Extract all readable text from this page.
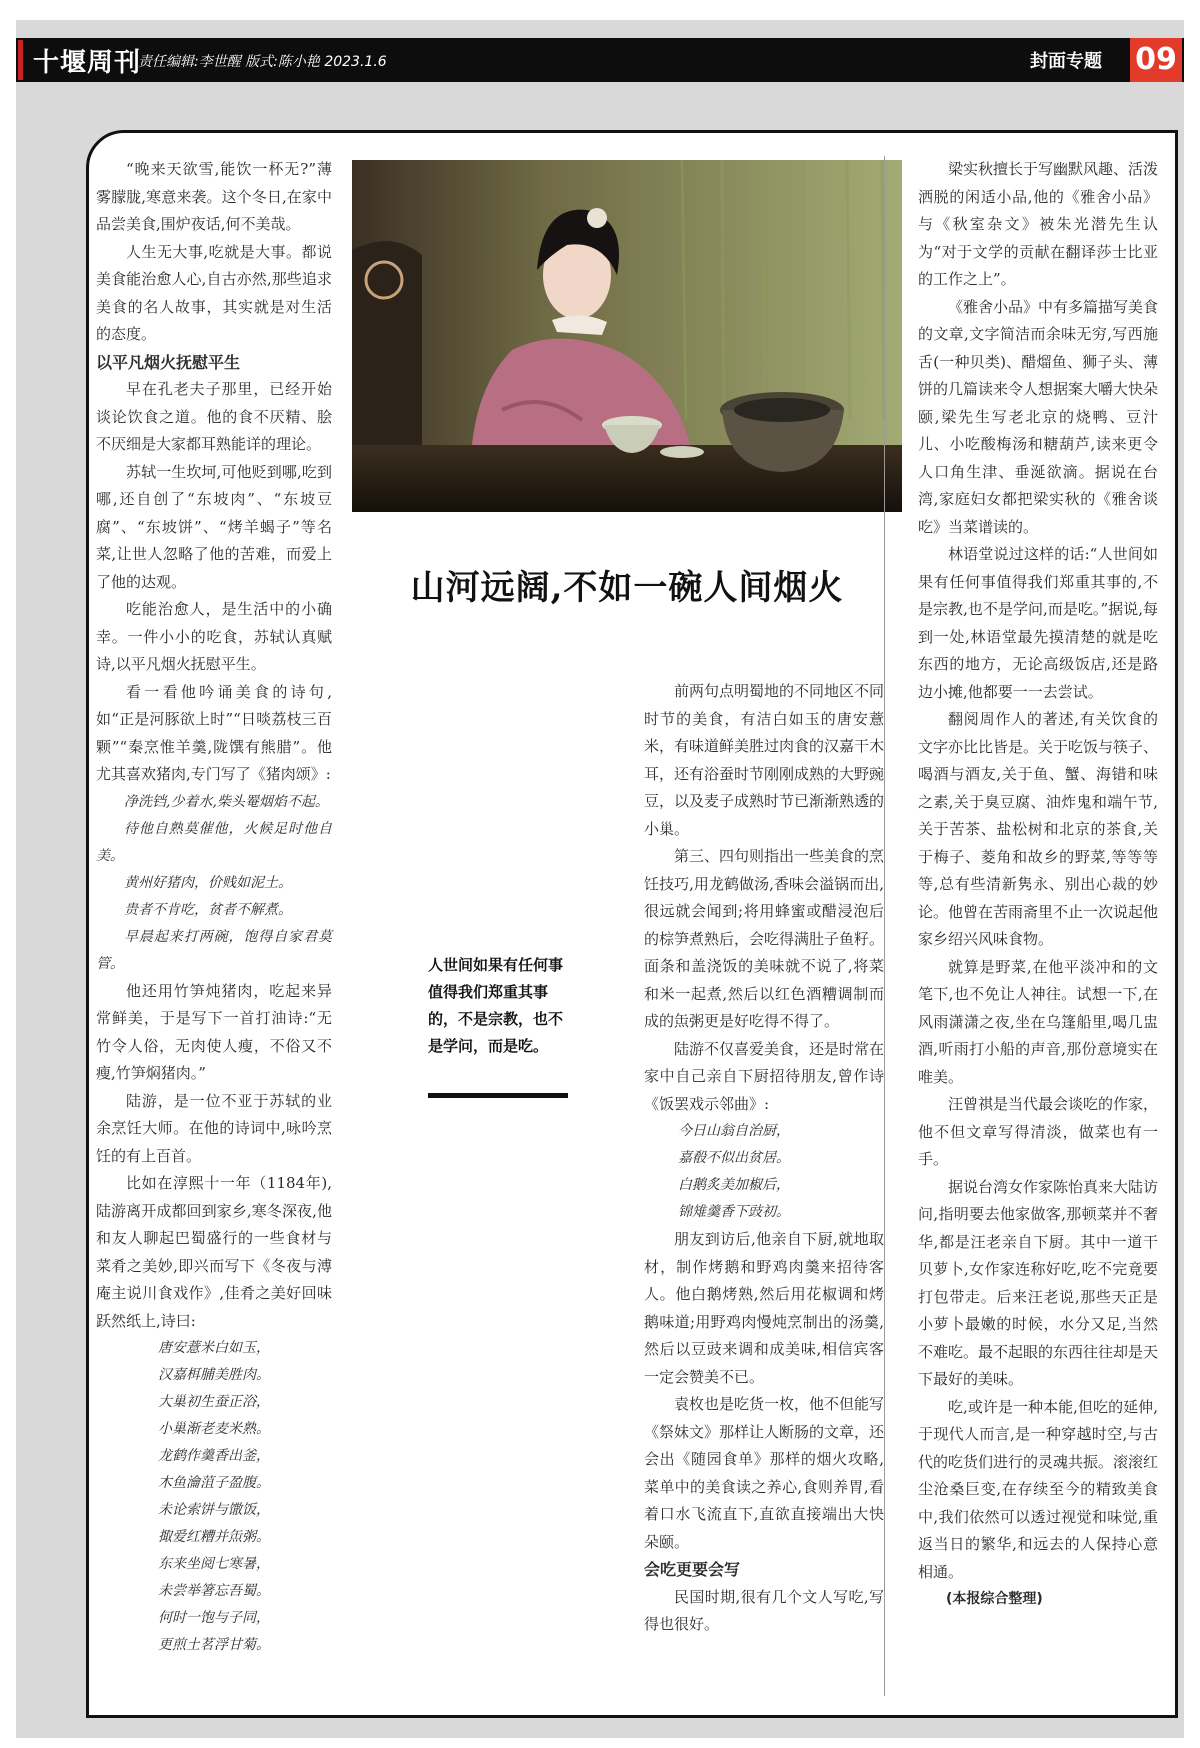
十堰周刊
责任编辑:李世醒 版式:陈小艳 2023.1.6	封面专题 09

“晚来天欲雪,能饮一杯无?”薄雾朦胧,寒意来袭。这个冬日,在家中品尝美食,围炉夜话,何不美哉。

人生无大事,吃就是大事。都说美食能治愈人心,自古亦然,那些追求美食的名人故事，其实就是对生活的态度。

以平凡烟火抚慰平生

早在孔老夫子那里，已经开始谈论饮食之道。他的食不厌精、脍不厌细是大家都耳熟能详的理论。

苏轼一生坎坷,可他贬到哪,吃到哪,还自创了“东坡肉”、“东坡豆腐”、“东坡饼”、“烤羊蝎子”等名菜,让世人忽略了他的苦难，而爱上了他的达观。

吃能治愈人，是生活中的小确幸。一件小小的吃食，苏轼认真赋诗,以平凡烟火抚慰平生。

看一看他吟诵美食的诗句,如“正是河豚欲上时”“日啖荔枝三百颗”“秦烹惟羊羹,陇馔有熊腊”。他尤其喜欢猪肉,专门写了《猪肉颂》:

净洗铛,少着水,柴头罨烟焰不起。

待他自熟莫催他，火候足时他自美。

黄州好猪肉，价贱如泥土。

贵者不肯吃，贫者不解煮。

早晨起来打两碗，饱得自家君莫管。

他还用竹笋炖猪肉，吃起来异常鲜美，于是写下一首打油诗:“无竹令人俗，无肉使人瘦，不俗又不瘦,竹笋焖猪肉。”

陆游，是一位不亚于苏轼的业余烹饪大师。在他的诗词中,咏吟烹饪的有上百首。

比如在淳熙十一年（1184年),陆游离开成都回到家乡,寒冬深夜,他和友人聊起巴蜀盛行的一些食材与菜肴之美妙,即兴而写下《冬夜与溥庵主说川食戏作》,佳肴之美好回味跃然纸上,诗曰:

唐安薏米白如玉，

汉嘉栮脯美胜肉。

大巢初生蚕正浴，

小巢渐老麦米熟。

龙鹤作羹香出釜，

木鱼瀹菹子盈腹。

未论索饼与馓饭，

掫爱红糟并缹粥。

东来坐阅七寒暑，

未尝举箸忘吾蜀。

何时一饱与子同，

更煎土茗浮甘菊。

山河远阔,不如一碗人间烟火
人世间如果有任何事值得我们郑重其事的，不是宗教，也不是学问，而是吃。

前两句点明蜀地的不同地区不同时节的美食，有洁白如玉的唐安薏米，有味道鲜美胜过肉食的汉嘉干木耳，还有浴蚕时节刚刚成熟的大野豌豆，以及麦子成熟时节已渐渐熟透的小巢。

第三、四句则指出一些美食的烹饪技巧,用龙鹤做汤,香味会溢锅而出,很远就会闻到;将用蜂蜜或醋浸泡后的棕笋煮熟后，会吃得满肚子鱼籽。面条和盖浇饭的美味就不说了,将菜和米一起煮,然后以红色酒糟调制而成的缹粥更是好吃得不得了。

陆游不仅喜爱美食，还是时常在家中自己亲自下厨招待朋友,曾作诗《饭罢戏示邻曲》:

今日山翁自治厨，

嘉殽不似出贫居。

白鹅炙美加椒后，

锦雉羹香下豉初。

朋友到访后,他亲自下厨,就地取材，制作烤鹅和野鸡肉羹来招待客人。他白鹅烤熟,然后用花椒调和烤鹅味道;用野鸡肉慢炖烹制出的汤羹,然后以豆豉来调和成美味,相信宾客一定会赞美不已。

袁枚也是吃货一枚，他不但能写《祭妹文》那样让人断肠的文章，还会出《随园食单》那样的烟火攻略,菜单中的美食读之养心,食则养胃,看着口水飞流直下,直欲直接端出大快朵颐。

会吃更要会写

民国时期,很有几个文人写吃,写得也很好。

梁实秋擅长于写幽默风趣、活泼洒脱的闲适小品,他的《雅舍小品》与《秋室杂文》被朱光潜先生认为“对于文学的贡献在翻译莎士比亚的工作之上”。

《雅舍小品》中有多篇描写美食的文章,文字简洁而余味无穷,写西施舌(一种贝类)、醋熘鱼、狮子头、薄饼的几篇读来令人想据案大嚼大快朵颐,梁先生写老北京的烧鸭、豆汁儿、小吃酸梅汤和糖葫芦,读来更令人口角生津、垂涎欲滴。据说在台湾,家庭妇女都把梁实秋的《雅舍谈吃》当菜谱读的。

林语堂说过这样的话:“人世间如果有任何事值得我们郑重其事的,不是宗教,也不是学问,而是吃。”据说,每到一处,林语堂最先摸清楚的就是吃东西的地方，无论高级饭店,还是路边小摊,他都要一一去尝试。

翻阅周作人的著述,有关饮食的文字亦比比皆是。关于吃饭与筷子、喝酒与酒友,关于鱼、蟹、海错和味之素,关于臭豆腐、油炸鬼和端午节,关于苦茶、盐松树和北京的茶食,关于梅子、菱角和故乡的野菜,等等等等,总有些清新隽永、别出心裁的妙论。他曾在苦雨斋里不止一次说起他家乡绍兴风味食物。

就算是野菜,在他平淡冲和的文笔下,也不免让人神往。试想一下,在风雨潇潇之夜,坐在乌篷船里,喝几盅酒,听雨打小船的声音,那份意境实在唯美。

汪曾祺是当代最会谈吃的作家，他不但文章写得清淡，做菜也有一手。

据说台湾女作家陈怡真来大陆访问,指明要去他家做客,那顿菜并不奢华,都是汪老亲自下厨。其中一道干贝萝卜,女作家连称好吃,吃不完竟要打包带走。后来汪老说,那些天正是小萝卜最嫩的时候，水分又足,当然不难吃。最不起眼的东西往往却是天下最好的美味。

吃,或许是一种本能,但吃的延伸,于现代人而言,是一种穿越时空,与古代的吃货们进行的灵魂共振。滚滚红尘沧桑巨变,在存续至今的精致美食中,我们依然可以透过视觉和味觉,重返当日的繁华,和远去的人保持心意相通。

(本报综合整理)
